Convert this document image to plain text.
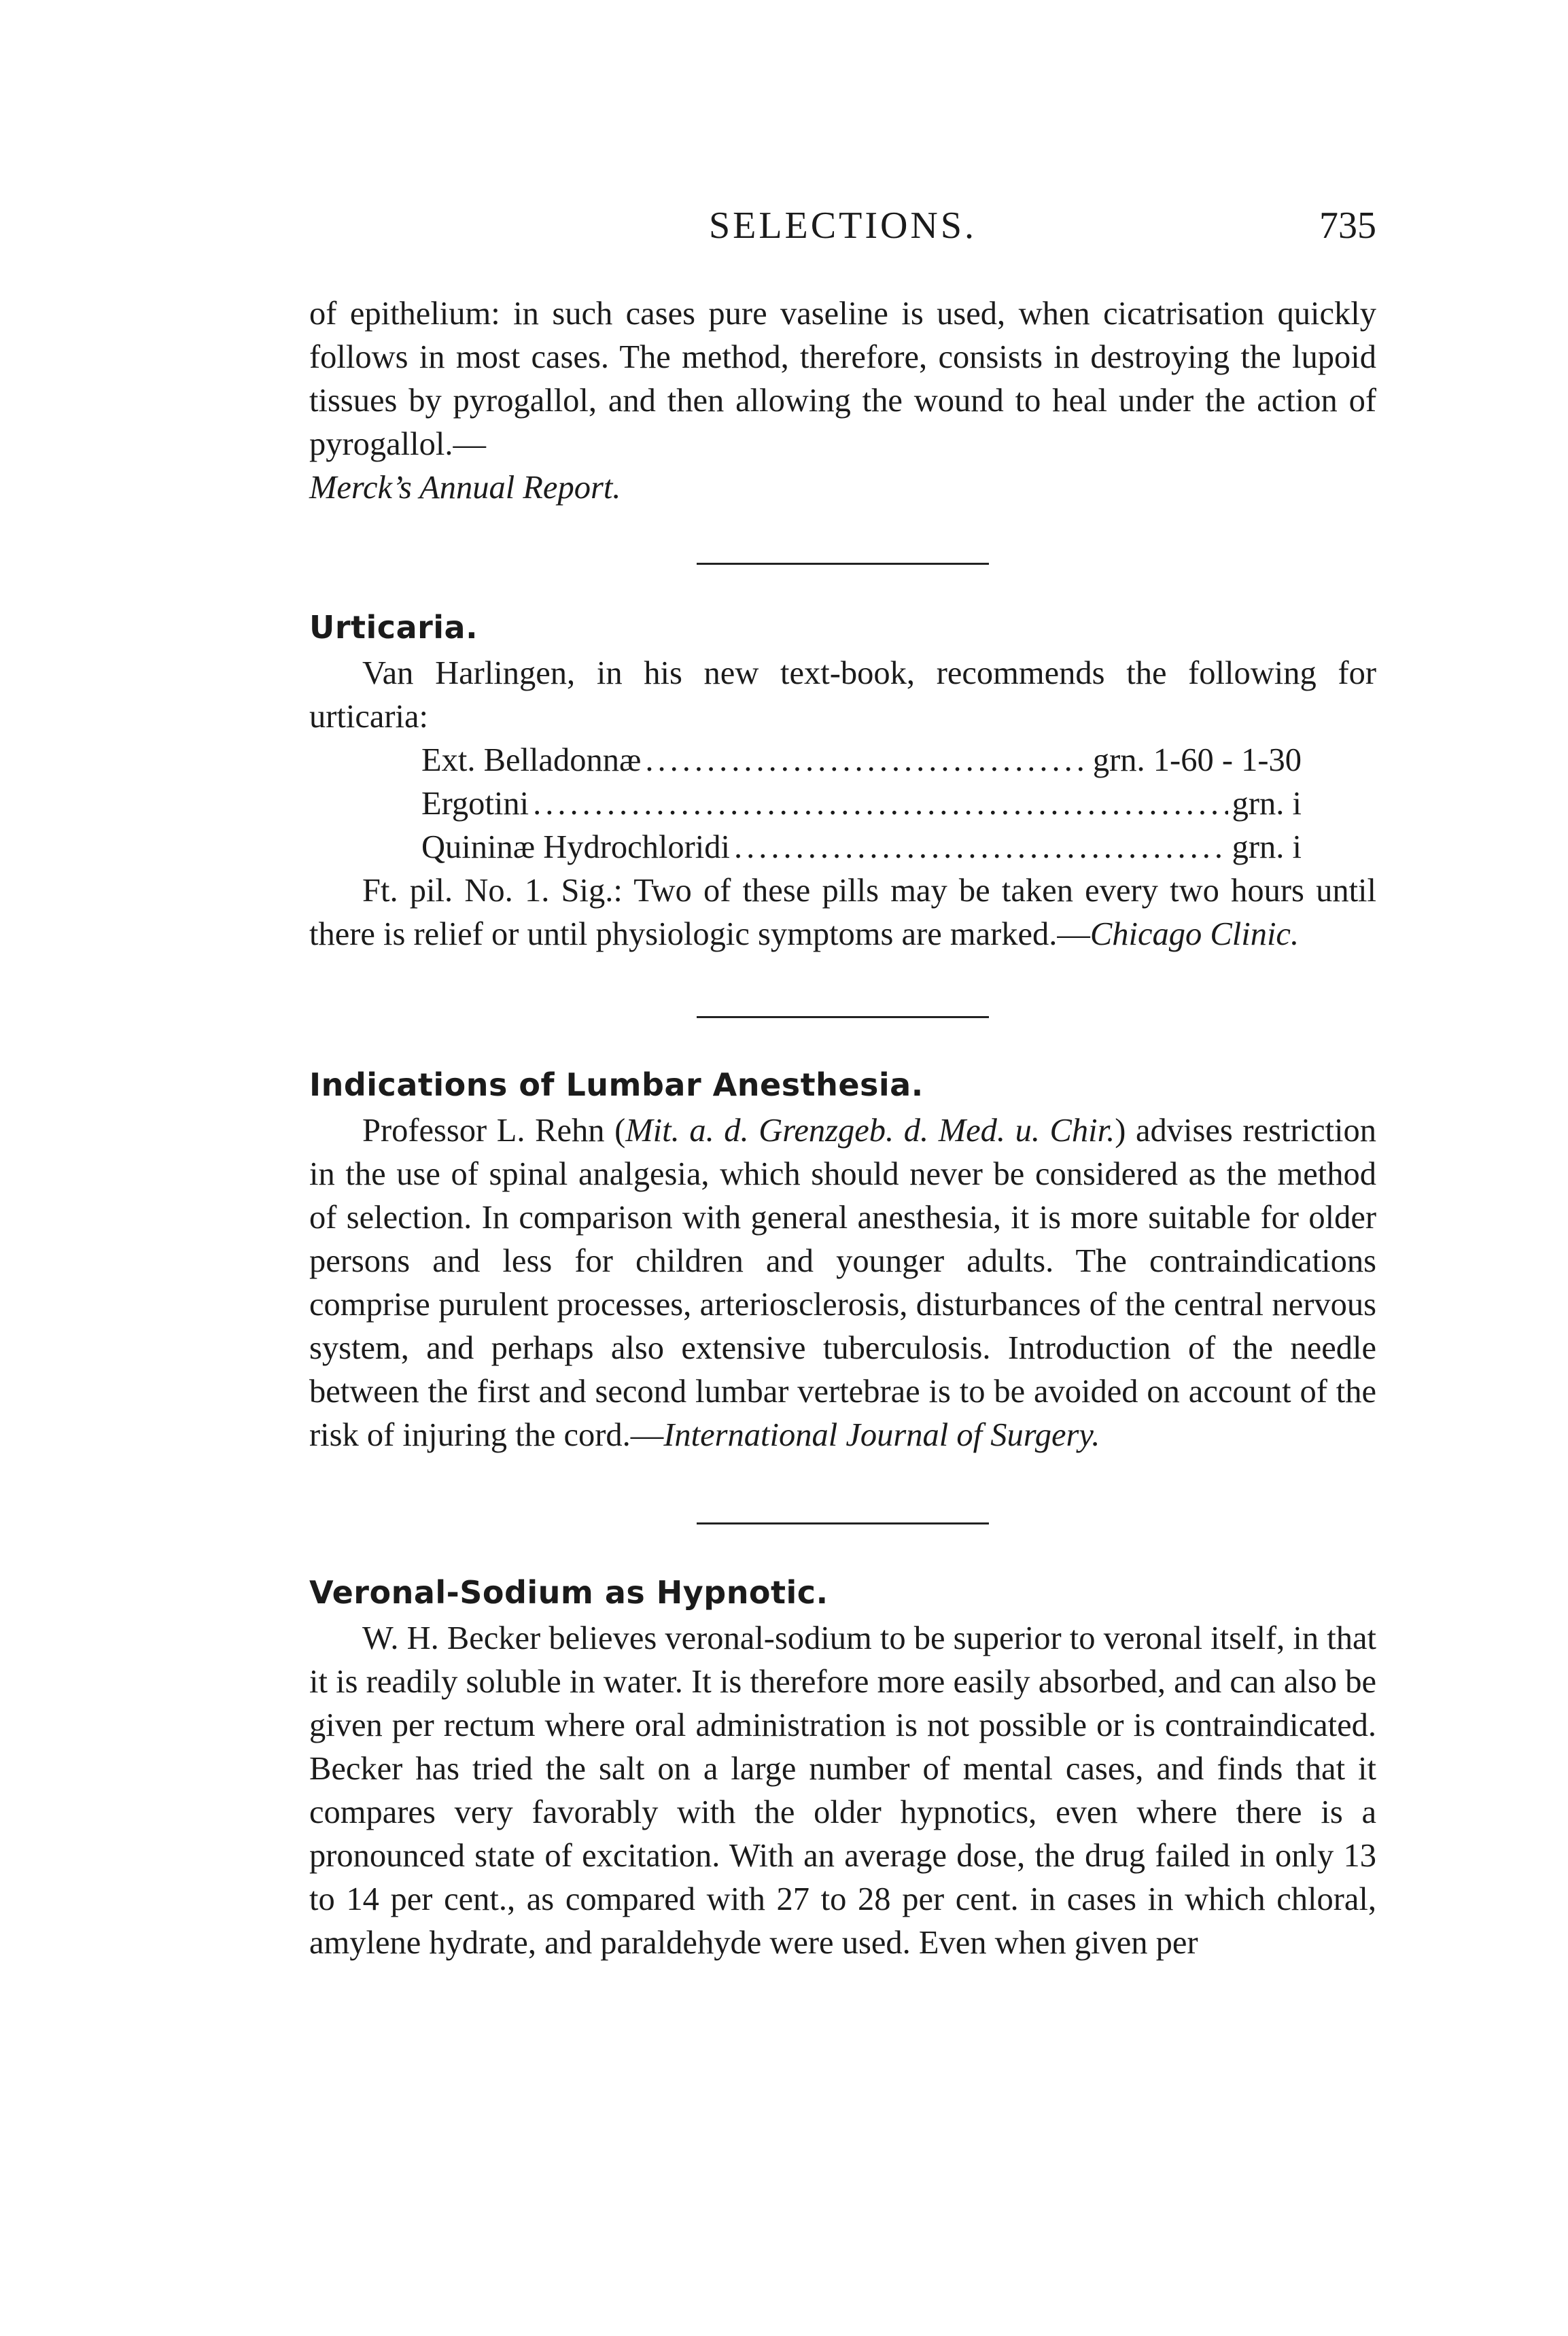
SELECTIONS.	735

of epithelium: in such cases pure vaseline is used, when cicatrisation quickly follows in most cases. The method, therefore, consists in destroying the lupoid tissues by pyrogallol, and then allowing the wound to heal under the action of pyrogallol.—
Merck’s Annual Report.

Urticaria.

Van Harlingen, in his new text-book, recommends the following for urticaria:

Ext. Belladonnæ .....	grn. 1-60 - 1-30
Ergotini .....	grn. i
Quininæ Hydrochloridi .....	grn. i

Ft. pil. No. 1. Sig.: Two of these pills may be taken every two hours until there is relief or until physiologic symptoms are marked.—Chicago Clinic.

Indications of Lumbar Anesthesia.

Professor L. Rehn (Mit. a. d. Grenzgeb. d. Med. u. Chir.) advises restriction in the use of spinal analgesia, which should never be considered as the method of selection. In comparison with general anesthesia, it is more suitable for older persons and less for children and younger adults. The contraindications comprise purulent processes, arteriosclerosis, disturbances of the central nervous system, and perhaps also extensive tuberculosis. Introduction of the needle between the first and second lumbar vertebrae is to be avoided on account of the risk of injuring the cord.—International Journal of Surgery.

Veronal-Sodium as Hypnotic.

W. H. Becker believes veronal-sodium to be superior to veronal itself, in that it is readily soluble in water. It is therefore more easily absorbed, and can also be given per rectum where oral administration is not possible or is contraindicated. Becker has tried the salt on a large number of mental cases, and finds that it compares very favorably with the older hypnotics, even where there is a pronounced state of excitation. With an average dose, the drug failed in only 13 to 14 per cent., as compared with 27 to 28 per cent. in cases in which chloral, amylene hydrate, and paraldehyde were used. Even when given per
